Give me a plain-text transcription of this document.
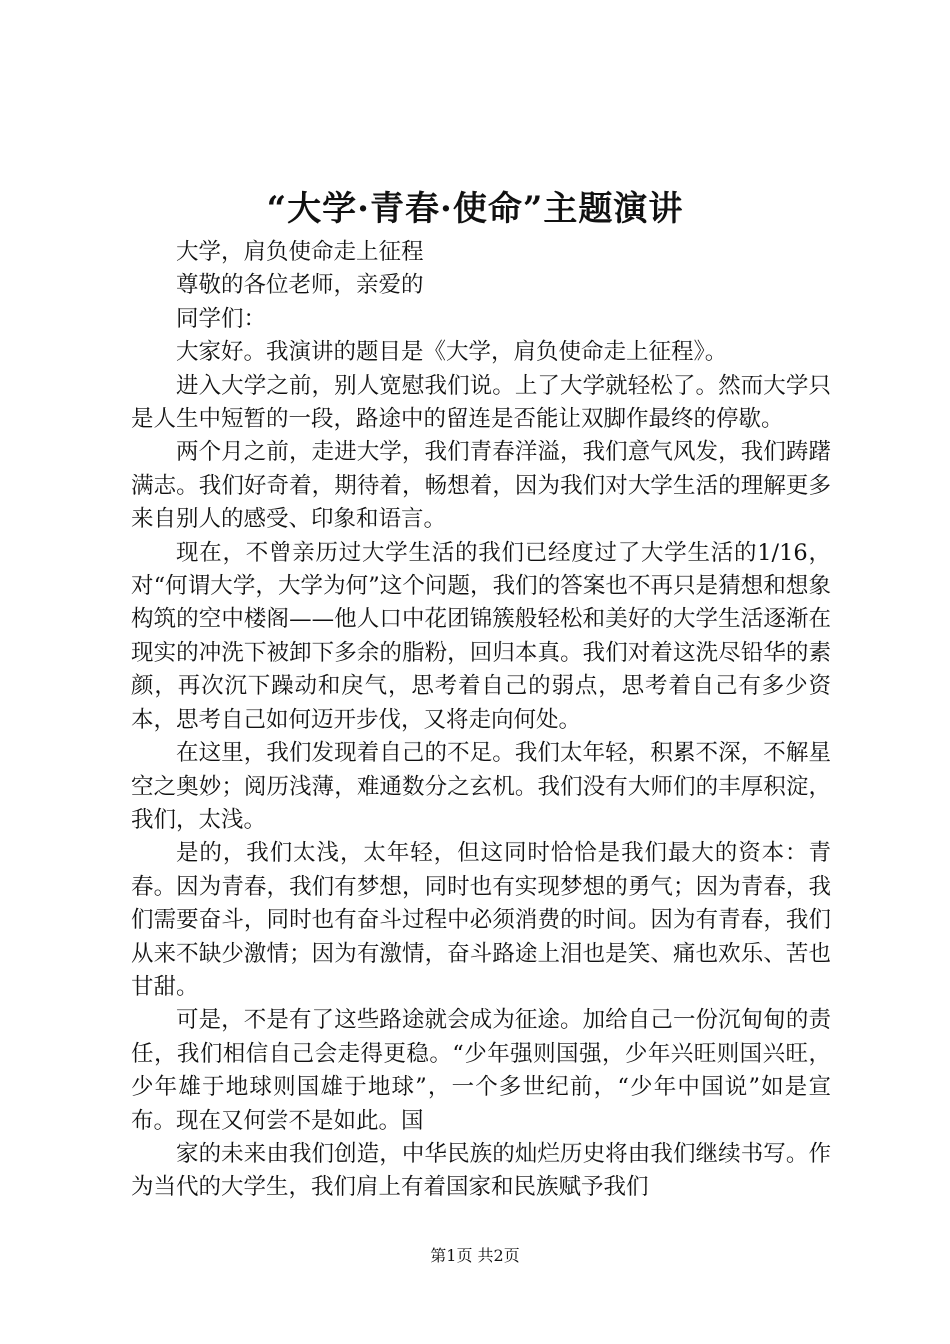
“大学·青春·使命”主题演讲

大学，肩负使命走上征程

尊敬的各位老师，亲爱的

同学们：

大家好。我演讲的题目是《大学，肩负使命走上征程》。

进入大学之前，别人宽慰我们说。上了大学就轻松了。然而大学只是人生中短暂的一段，路途中的留连是否能让双脚作最终的停歇。

两个月之前，走进大学，我们青春洋溢，我们意气风发，我们踌躇满志。我们好奇着，期待着，畅想着，因为我们对大学生活的理解更多来自别人的感受、印象和语言。

现在，不曾亲历过大学生活的我们已经度过了大学生活的1/16，对“何谓大学，大学为何”这个问题，我们的答案也不再只是猜想和想象构筑的空中楼阁——他人口中花团锦簇般轻松和美好的大学生活逐渐在现实的冲洗下被卸下多余的脂粉，回归本真。我们对着这洗尽铅华的素颜，再次沉下躁动和戾气，思考着自己的弱点，思考着自己有多少资本，思考自己如何迈开步伐，又将走向何处。

在这里，我们发现着自己的不足。我们太年轻，积累不深，不解星空之奥妙；阅历浅薄，难通数分之玄机。我们没有大师们的丰厚积淀，我们，太浅。

是的，我们太浅，太年轻，但这同时恰恰是我们最大的资本：青春。因为青春，我们有梦想，同时也有实现梦想的勇气；因为青春，我们需要奋斗，同时也有奋斗过程中必须消费的时间。因为有青春，我们从来不缺少激情；因为有激情，奋斗路途上泪也是笑、痛也欢乐、苦也甘甜。

可是，不是有了这些路途就会成为征途。加给自己一份沉甸甸的责任，我们相信自己会走得更稳。“少年强则国强，少年兴旺则国兴旺，少年雄于地球则国雄于地球”，一个多世纪前，“少年中国说”如是宣布。现在又何尝不是如此。国

家的未来由我们创造，中华民族的灿烂历史将由我们继续书写。作为当代的大学生，我们肩上有着国家和民族赋予我们

第1页 共2页
